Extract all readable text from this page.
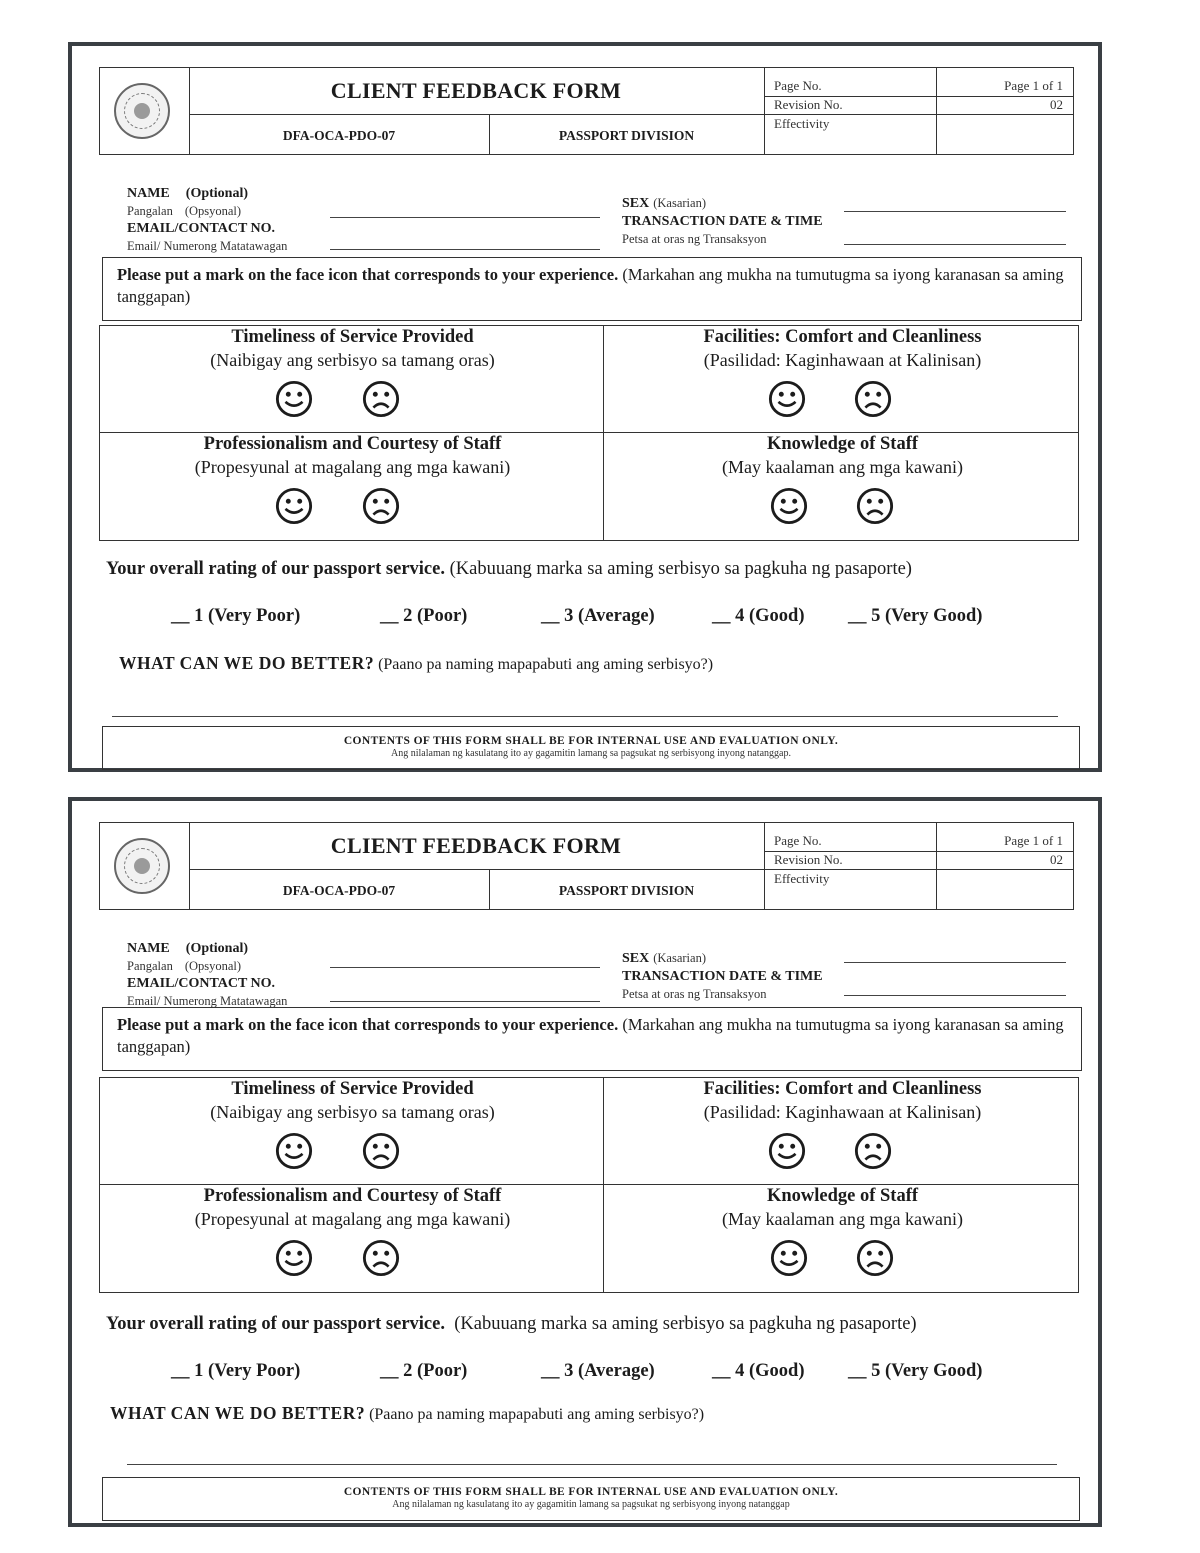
CLIENT FEEDBACK FORM
DFA-OCA-PDO-07	PASSPORT DIVISION
Page No.	Page 1 of 1
Revision No.	02
Effectivity
NAME (Optional)
Pangalan (Opsyonal)
EMAIL/CONTACT NO.
Email/ Numerong Matatawagan
SEX (Kasarian)
TRANSACTION DATE & TIME
Petsa at oras ng Transaksyon
Please put a mark on the face icon that corresponds to your experience. (Markahan ang mukha na tumutugma sa iyong karanasan sa aming tanggapan)
Timeliness of Service Provided
(Naibigay ang serbisyo sa tamang oras)
Facilities: Comfort and Cleanliness
(Pasilidad: Kaginhawaan at Kalinisan)
Professionalism and Courtesy of Staff
(Propesyunal at magalang ang mga kawani)
Knowledge of Staff
(May kaalaman ang mga kawani)
Your overall rating of our passport service. (Kabuuang marka sa aming serbisyo sa pagkuha ng pasaporte)
__ 1 (Very Poor)	__ 2 (Poor)	__ 3 (Average)	__ 4 (Good) __ 5 (Very Good)
WHAT CAN WE DO BETTER? (Paano pa naming mapapabuti ang aming serbisyo?)
CONTENTS OF THIS FORM SHALL BE FOR INTERNAL USE AND EVALUATION ONLY.
Ang nilalaman ng kasulatang ito ay gagamitin lamang sa pagsukat ng serbisyong inyong natanggap.
CLIENT FEEDBACK FORM
DFA-OCA-PDO-07	PASSPORT DIVISION
Page No.	Page 1 of 1
Revision No.	02
Effectivity
NAME (Optional)
Pangalan (Opsyonal)
EMAIL/CONTACT NO.
Email/ Numerong Matatawagan
SEX (Kasarian)
TRANSACTION DATE & TIME
Petsa at oras ng Transaksyon
Please put a mark on the face icon that corresponds to your experience. (Markahan ang mukha na tumutugma sa iyong karanasan sa aming tanggapan)
Timeliness of Service Provided
(Naibigay ang serbisyo sa tamang oras)
Facilities: Comfort and Cleanliness
(Pasilidad: Kaginhawaan at Kalinisan)
Professionalism and Courtesy of Staff
(Propesyunal at magalang ang mga kawani)
Knowledge of Staff
(May kaalaman ang mga kawani)
Your overall rating of our passport service. (Kabuuang marka sa aming serbisyo sa pagkuha ng pasaporte)
__ 1 (Very Poor)	__ 2 (Poor)	__ 3 (Average)	__ 4 (Good) __ 5 (Very Good)
WHAT CAN WE DO BETTER? (Paano pa naming mapapabuti ang aming serbisyo?)
CONTENTS OF THIS FORM SHALL BE FOR INTERNAL USE AND EVALUATION ONLY.
Ang nilalaman ng kasulatang ito ay gagamitin lamang sa pagsukat ng serbisyong inyong natanggap
